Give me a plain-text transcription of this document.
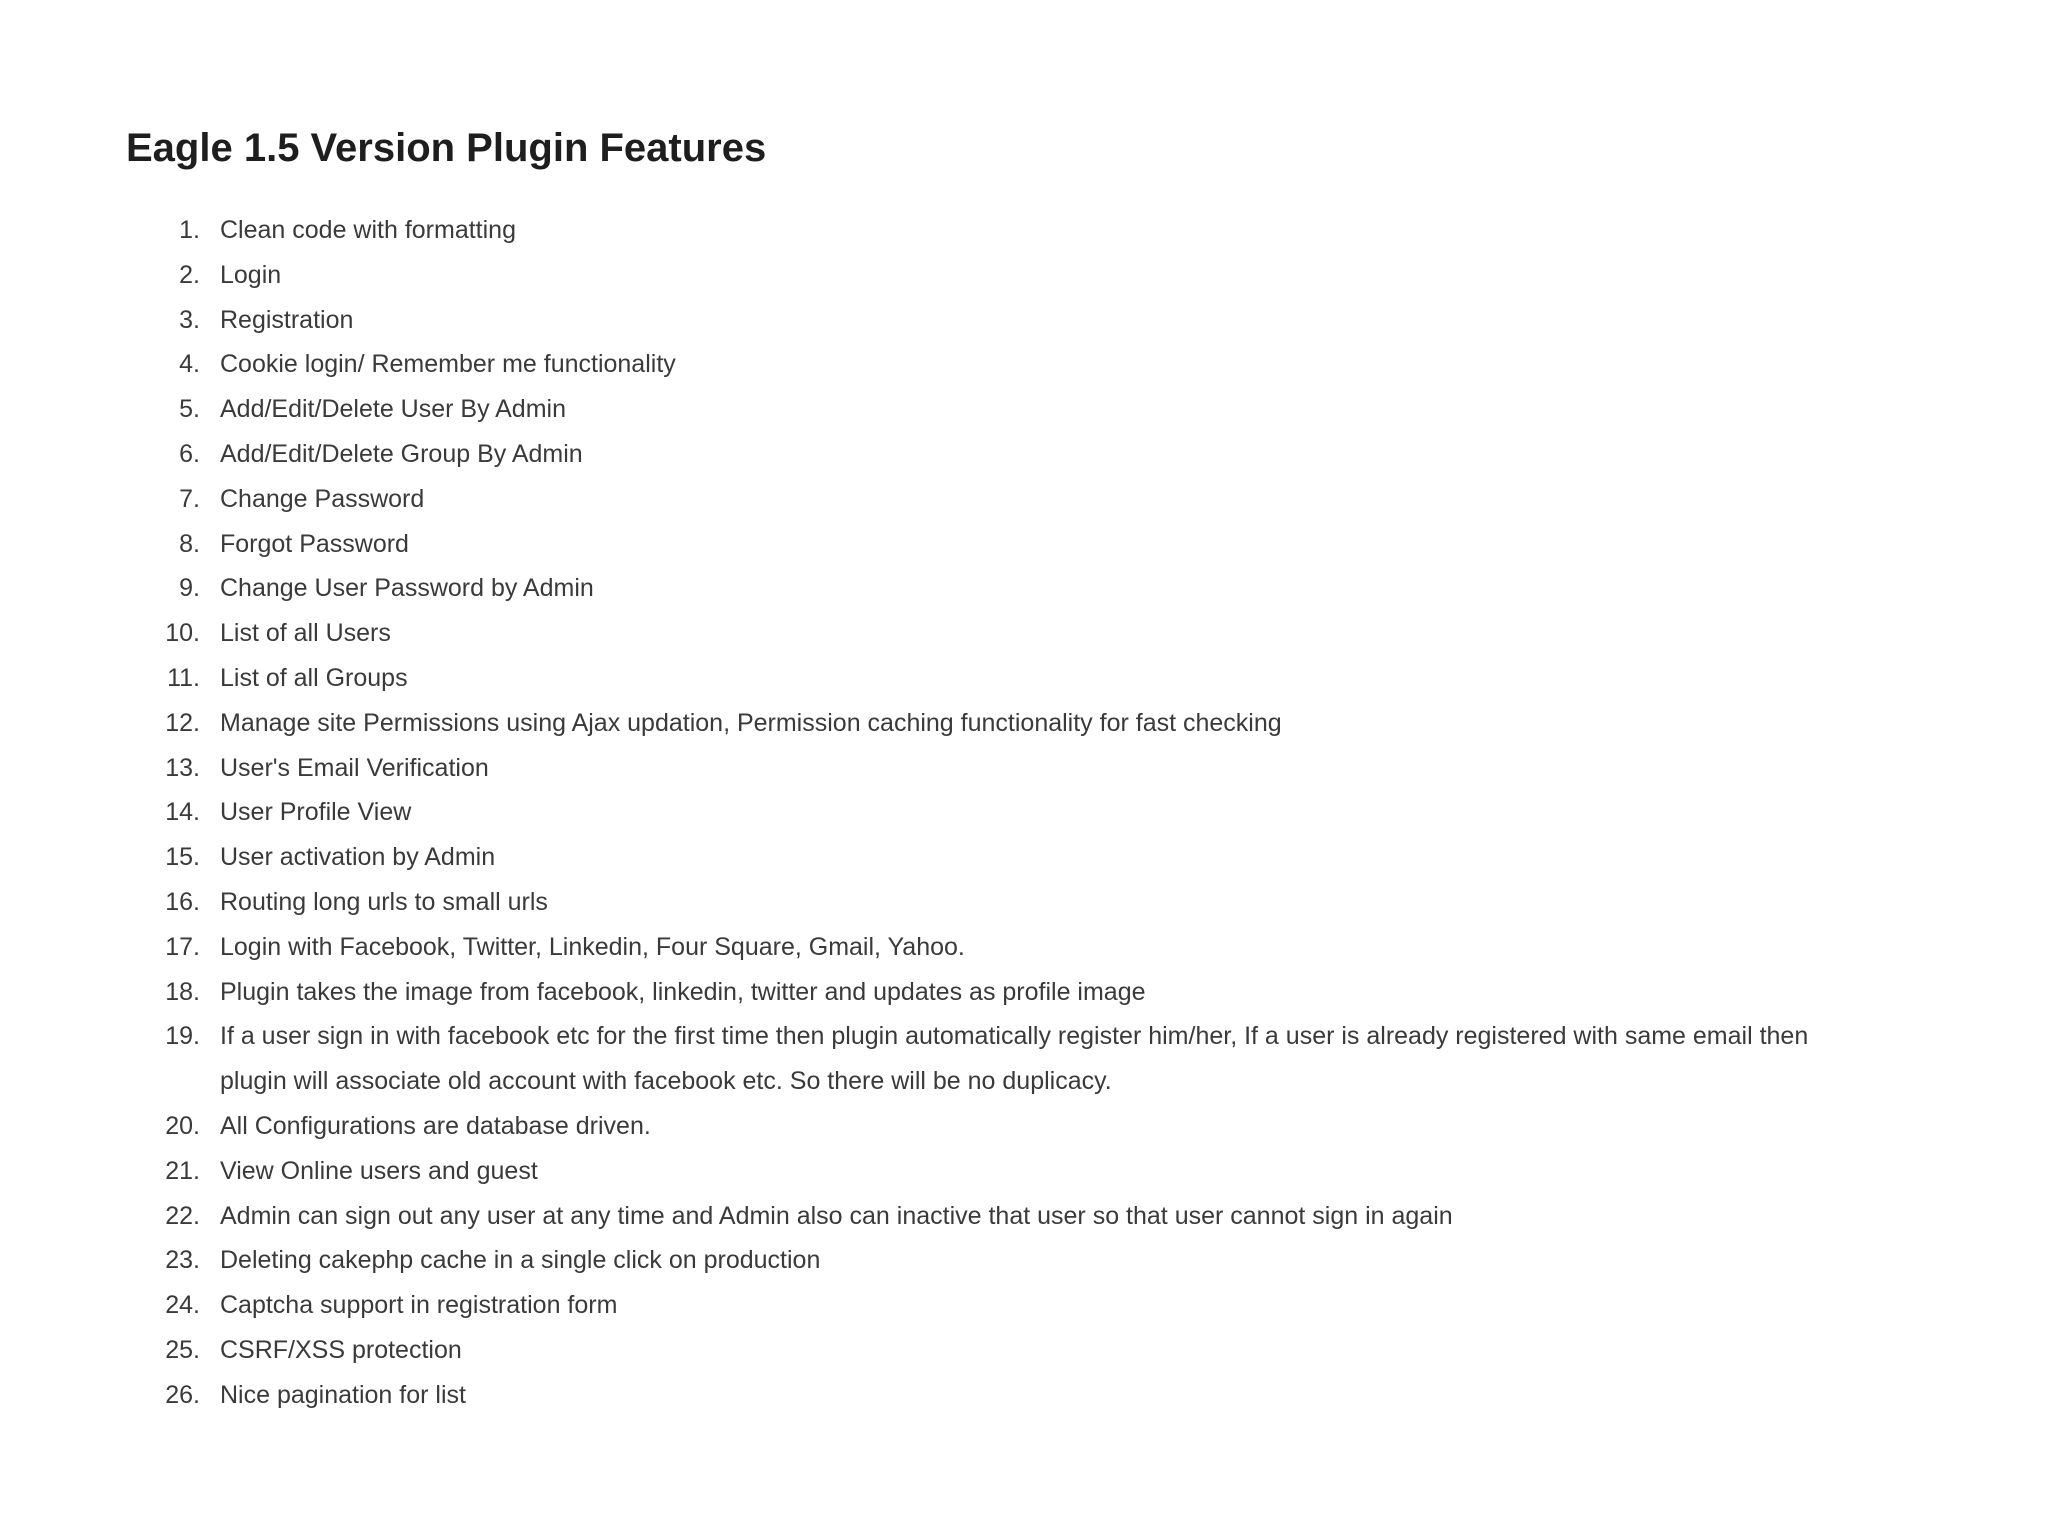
Eagle 1.5 Version Plugin Features
1. Clean code with formatting
2. Login
3. Registration
4. Cookie login/ Remember me functionality
5. Add/Edit/Delete User By Admin
6. Add/Edit/Delete Group By Admin
7. Change Password
8. Forgot Password
9. Change User Password by Admin
10. List of all Users
11. List of all Groups
12. Manage site Permissions using Ajax updation, Permission caching functionality for fast checking
13. User's Email Verification
14. User Profile View
15. User activation by Admin
16. Routing long urls to small urls
17. Login with Facebook, Twitter, Linkedin, Four Square, Gmail, Yahoo.
18. Plugin takes the image from facebook, linkedin, twitter and updates as profile image
19. If a user sign in with facebook etc for the first time then plugin automatically register him/her, If a user is already registered with same email then plugin will associate old account with facebook etc. So there will be no duplicacy.
20. All Configurations are database driven.
21. View Online users and guest
22. Admin can sign out any user at any time and Admin also can inactive that user so that user cannot sign in again
23. Deleting cakephp cache in a single click on production
24. Captcha support in registration form
25. CSRF/XSS protection
26. Nice pagination for list
